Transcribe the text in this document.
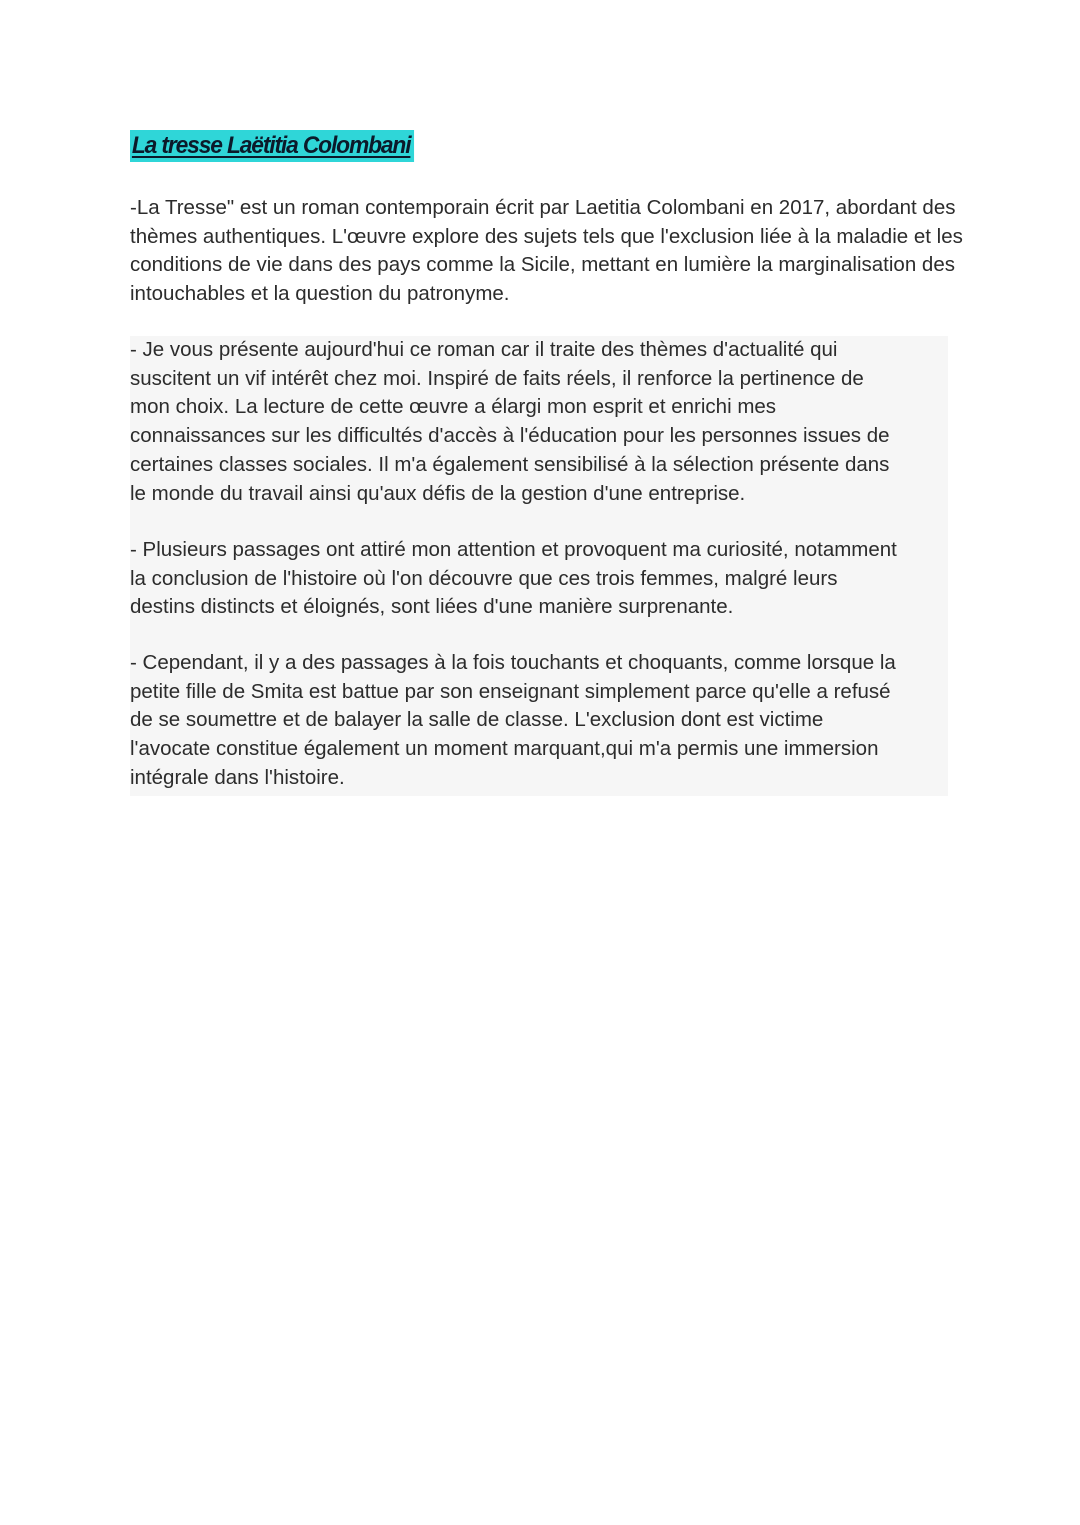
La tresse Laëtitia Colombani

-La Tresse" est un roman contemporain écrit par Laetitia Colombani en 2017, abordant des thèmes authentiques. L'œuvre explore des sujets tels que l'exclusion liée à la maladie et les conditions de vie dans des pays comme la Sicile, mettant en lumière la marginalisation des intouchables et la question du patronyme.

- Je vous présente aujourd'hui ce roman car il traite des thèmes d'actualité qui
suscitent un vif intérêt chez moi. Inspiré de faits réels, il renforce la pertinence de
mon choix. La lecture de cette œuvre a élargi mon esprit et enrichi mes
connaissances sur les difficultés d'accès à l'éducation pour les personnes issues de
certaines classes sociales. Il m'a également sensibilisé à la sélection présente dans
le monde du travail ainsi qu'aux défis de la gestion d'une entreprise.

- Plusieurs passages ont attiré mon attention et provoquent ma curiosité, notamment
la conclusion de l'histoire où l'on découvre que ces trois femmes, malgré leurs
destins distincts et éloignés, sont liées d'une manière surprenante.

- Cependant, il y a des passages à la fois touchants et choquants, comme lorsque la
petite fille de Smita est battue par son enseignant simplement parce qu'elle a refusé
de se soumettre et de balayer la salle de classe. L'exclusion dont est victime
l'avocate constitue également un moment marquant,qui m'a permis une immersion
intégrale dans l'histoire.
